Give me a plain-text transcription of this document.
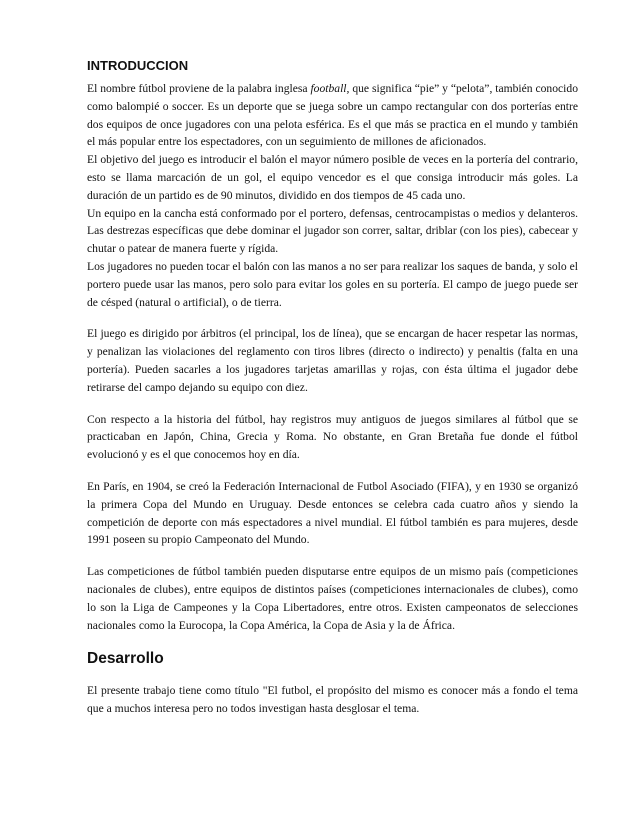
INTRODUCCION

El nombre fútbol proviene de la palabra inglesa football, que significa “pie” y “pelota”, también conocido como balompié o soccer. Es un deporte que se juega sobre un campo rectangular con dos porterías entre dos equipos de once jugadores con una pelota esférica. Es el que más se practica en el mundo y también el más popular entre los espectadores, con un seguimiento de millones de aficionados.

El objetivo del juego es introducir el balón el mayor número posible de veces en la portería del contrario, esto se llama marcación de un gol, el equipo vencedor es el que consiga introducir más goles. La duración de un partido es de 90 minutos, dividido en dos tiempos de 45 cada uno.

Un equipo en la cancha está conformado por el portero, defensas, centrocampistas o medios y delanteros. Las destrezas específicas que debe dominar el jugador son correr, saltar, driblar (con los pies), cabecear y chutar o patear de manera fuerte y rígida.

Los jugadores no pueden tocar el balón con las manos a no ser para realizar los saques de banda, y solo el portero puede usar las manos, pero solo para evitar los goles en su portería. El campo de juego puede ser de césped (natural o artificial), o de tierra.

El juego es dirigido por árbitros (el principal, los de línea), que se encargan de hacer respetar las normas, y penalizan las violaciones del reglamento con tiros libres (directo o indirecto) y penaltis (falta en una portería). Pueden sacarles a los jugadores tarjetas amarillas y rojas, con ésta última el jugador debe retirarse del campo dejando su equipo con diez.

Con respecto a la historia del fútbol, hay registros muy antiguos de juegos similares al fútbol que se practicaban en Japón, China, Grecia y Roma. No obstante, en Gran Bretaña fue donde el fútbol evolucionó y es el que conocemos hoy en día.

En París, en 1904, se creó la Federación Internacional de Futbol Asociado (FIFA), y en 1930 se organizó la primera Copa del Mundo en Uruguay. Desde entonces se celebra cada cuatro años y siendo la competición de deporte con más espectadores a nivel mundial. El fútbol también es para mujeres, desde 1991 poseen su propio Campeonato del Mundo.

Las competiciones de fútbol también pueden disputarse entre equipos de un mismo país (competiciones nacionales de clubes), entre equipos de distintos países (competiciones internacionales de clubes), como lo son la Liga de Campeones y la Copa Libertadores, entre otros. Existen campeonatos de selecciones nacionales como la Eurocopa, la Copa América, la Copa de Asia y la de África.

Desarrollo

El presente trabajo tiene como título "El futbol, el propósito del mismo es conocer más a fondo el tema que a muchos interesa pero no todos investigan hasta desglosar el tema.
